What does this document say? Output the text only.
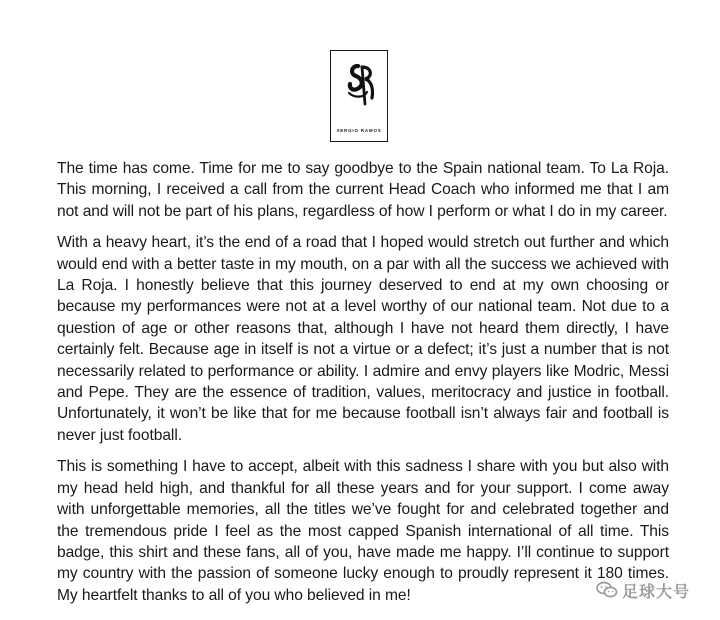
SERGIO RAMOS

The time has come. Time for me to say goodbye to the Spain national team. To La Roja. This morning, I received a call from the current Head Coach who informed me that I am not and will not be part of his plans, regardless of how I perform or what I do in my career.

With a heavy heart, it’s the end of a road that I hoped would stretch out further and which would end with a better taste in my mouth, on a par with all the success we achieved with La Roja. I honestly believe that this journey deserved to end at my own choosing or because my performances were not at a level worthy of our national team. Not due to a question of age or other reasons that, although I have not heard them directly, I have certainly felt. Because age in itself is not a virtue or a defect; it’s just a number that is not necessarily related to performance or ability. I admire and envy players like Modric, Messi and Pepe. They are the essence of tradition, values, meritocracy and justice in football. Unfortunately, it won’t be like that for me because football isn’t always fair and football is never just football.

This is something I have to accept, albeit with this sadness I share with you but also with my head held high, and thankful for all these years and for your support. I come away with unforgettable memories, all the titles we’ve fought for and celebrated together and the tremendous pride I feel as the most capped Spanish international of all time. This badge, this shirt and these fans, all of you, have made me happy. I’ll continue to support my country with the passion of someone lucky enough to proudly represent it 180 times. My heartfelt thanks to all of you who believed in me!	足球大号
